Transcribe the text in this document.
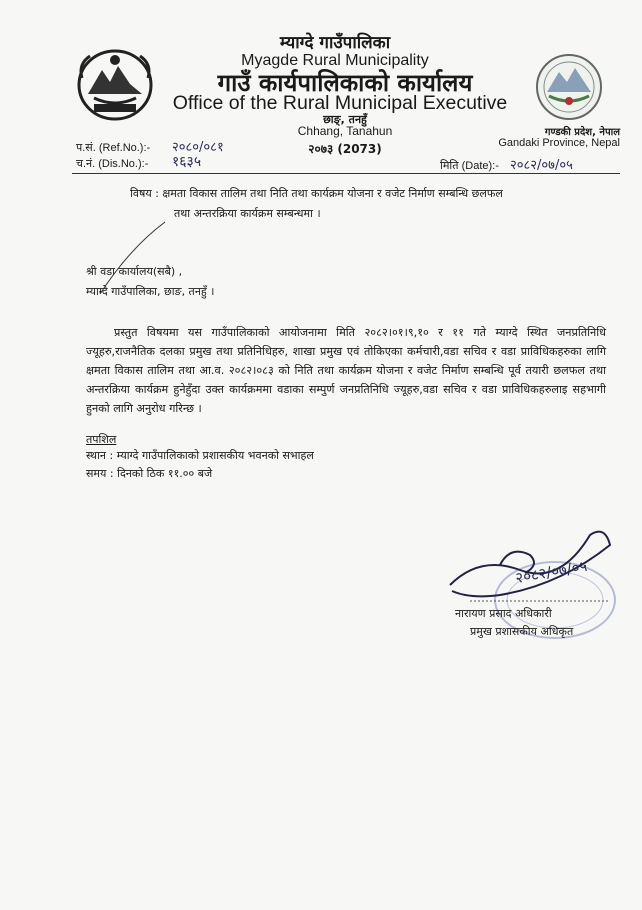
म्याग्दे गाउँपालिका
Myagde Rural Municipality
गाउँ कार्यपालिकाको कार्यालय
Office of the Rural Municipal Executive
छाङ्, तनहुँ
Chhang, Tanahun
२०७३ (2073)
गण्डकी प्रदेश, नेपाल
Gandaki Province, Nepal
प.सं. (Ref.No.):- २०८०/०८१
च.नं. (Dis.No.):- १६३५	मिति (Date):- २०८२/०७/०५
विषय : क्षमता विकास तालिम तथा निति तथा कार्यक्रम योजना र वजेट निर्माण सम्बन्धि छलफल
तथा अन्तरक्रिया कार्यक्रम सम्बन्धमा ।
श्री वडा कार्यालय(सबै) ,
म्याग्दे गाउँपालिका, छाङ, तनहुँ ।
प्रस्तुत विषयमा यस गाउँपालिकाको आयोजनामा मिति २०८२।०१।९,१० र ११ गते म्याग्दे स्थित जनप्रतिनिधि ज्यूहरु,राजनैतिक दलका प्रमुख तथा प्रतिनिधिहरु, शाखा प्रमुख एवं तोकिएका कर्मचारी,वडा सचिव र वडा प्राविधिकहरुका लागि क्षमता विकास तालिम तथा आ.व. २०८२।०८३ को निति तथा कार्यक्रम योजना र वजेट निर्माण सम्बन्धि पूर्व तयारी छलफल तथा अन्तरक्रिया कार्यक्रम हुनेहुँदा उक्त कार्यक्रममा वडाका सम्पुर्ण जनप्रतिनिधि ज्यूहरु,वडा सचिव र वडा प्राविधिकहरुलाइ सहभागी हुनको लागि अनुरोध गरिन्छ ।
तपशिल
स्थान : म्याग्दे गाउँपालिकाको प्रशासकीय भवनको सभाहल
समय : दिनको ठिक ११.०० बजे
२०८२/०७/०५
नारायण प्रसाद अधिकारी
प्रमुख प्रशासकीय अधिकृत
